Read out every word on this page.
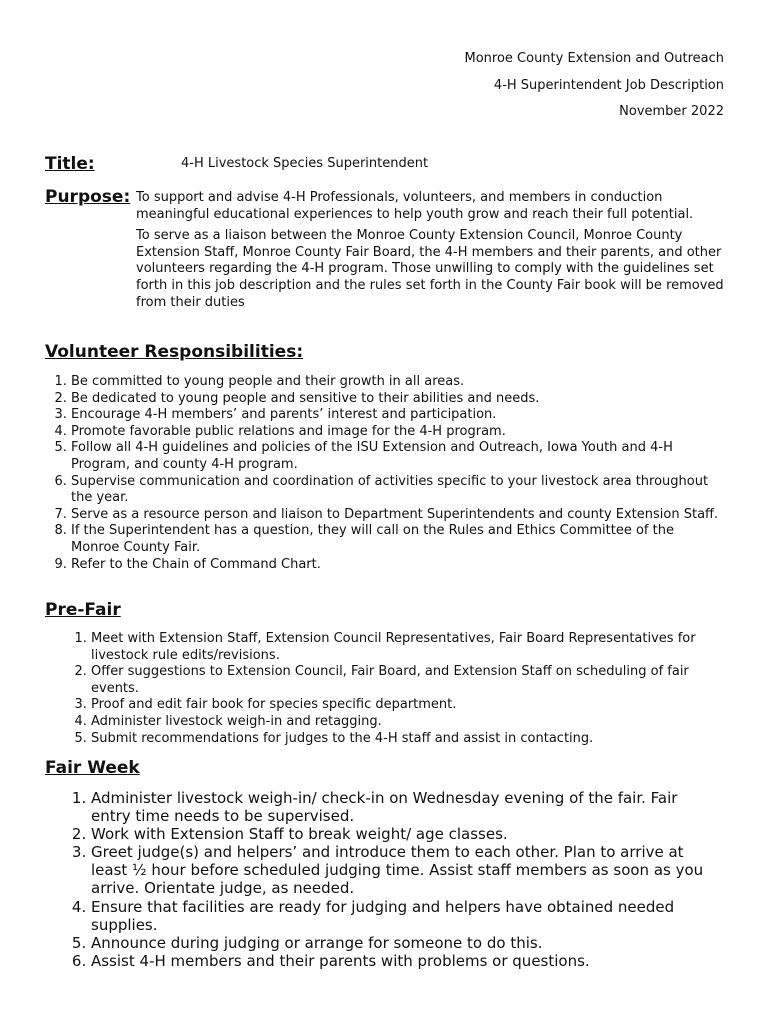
Monroe County Extension and Outreach
4-H Superintendent Job Description
November 2022
Title:	4-H Livestock Species Superintendent
Purpose: To support and advise 4-H Professionals, volunteers, and members in conduction meaningful educational experiences to help youth grow and reach their full potential.

To serve as a liaison between the Monroe County Extension Council, Monroe County Extension Staff, Monroe County Fair Board, the 4-H members and their parents, and other volunteers regarding the 4-H program. Those unwilling to comply with the guidelines set forth in this job description and the rules set forth in the County Fair book will be removed from their duties

Volunteer Responsibilities:
1. Be committed to young people and their growth in all areas.
2. Be dedicated to young people and sensitive to their abilities and needs.
3. Encourage 4-H members’ and parents’ interest and participation.
4. Promote favorable public relations and image for the 4-H program.
5. Follow all 4-H guidelines and policies of the ISU Extension and Outreach, Iowa Youth and 4-H Program, and county 4-H program.
6. Supervise communication and coordination of activities specific to your livestock area throughout the year.
7. Serve as a resource person and liaison to Department Superintendents and county Extension Staff.
8. If the Superintendent has a question, they will call on the Rules and Ethics Committee of the Monroe County Fair.
9. Refer to the Chain of Command Chart.
Pre-Fair
1. Meet with Extension Staff, Extension Council Representatives, Fair Board Representatives for livestock rule edits/revisions.
2. Offer suggestions to Extension Council, Fair Board, and Extension Staff on scheduling of fair events.
3. Proof and edit fair book for species specific department.
4. Administer livestock weigh-in and retagging.
5. Submit recommendations for judges to the 4-H staff and assist in contacting.
Fair Week
1. Administer livestock weigh-in/ check-in on Wednesday evening of the fair. Fair entry time needs to be supervised.
2. Work with Extension Staff to break weight/ age classes.
3. Greet judge(s) and helpers’ and introduce them to each other. Plan to arrive at least ½ hour before scheduled judging time. Assist staff members as soon as you arrive. Orientate judge, as needed.
4. Ensure that facilities are ready for judging and helpers have obtained needed supplies.
5. Announce during judging or arrange for someone to do this.
6. Assist 4-H members and their parents with problems or questions.
